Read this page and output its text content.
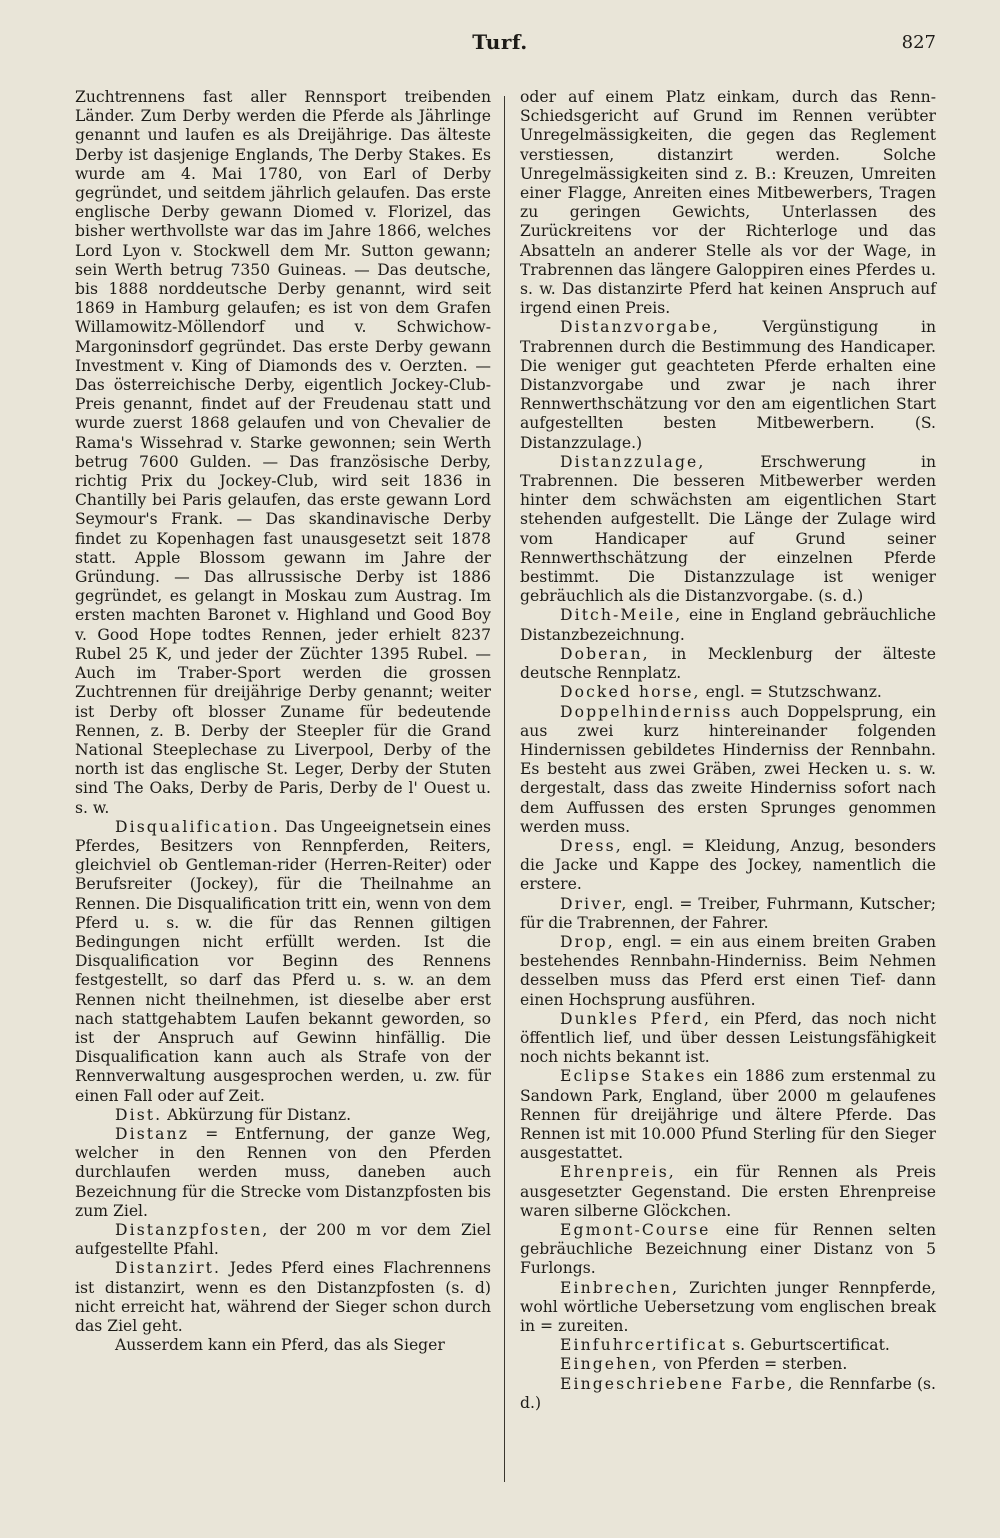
Turf.	827

Zuchtrennens fast aller Rennsport treibenden Länder. Zum Derby werden die Pferde als Jährlinge genannt und laufen es als Dreijährige. Das älteste Derby ist dasjenige Englands, The Derby Stakes. Es wurde am 4. Mai 1780, von Earl of Derby gegründet, und seitdem jährlich gelaufen. Das erste englische Derby gewann Diomed v. Florizel, das bisher werthvollste war das im Jahre 1866, welches Lord Lyon v. Stockwell dem Mr. Sutton gewann; sein Werth betrug 7350 Guineas. — Das deutsche, bis 1888 norddeutsche Derby genannt, wird seit 1869 in Hamburg gelaufen; es ist von dem Grafen Willamowitz-Möllendorf und v. Schwichow-Margoninsdorf gegründet. Das erste Derby gewann Investment v. King of Diamonds des v. Oerzten. — Das österreichische Derby, eigentlich Jockey-Club-Preis genannt, findet auf der Freudenau statt und wurde zuerst 1868 gelaufen und von Chevalier de Rama's Wissehrad v. Starke gewonnen; sein Werth betrug 7600 Gulden. — Das französische Derby, richtig Prix du Jockey-Club, wird seit 1836 in Chantilly bei Paris gelaufen, das erste gewann Lord Seymour's Frank. — Das skandinavische Derby findet zu Kopenhagen fast unausgesetzt seit 1878 statt. Apple Blossom gewann im Jahre der Gründung. — Das allrussische Derby ist 1886 gegründet, es gelangt in Moskau zum Austrag. Im ersten machten Baronet v. Highland und Good Boy v. Good Hope todtes Rennen, jeder erhielt 8237 Rubel 25 K, und jeder der Züchter 1395 Rubel. — Auch im Traber-Sport werden die grossen Zuchtrennen für dreijährige Derby genannt; weiter ist Derby oft blosser Zuname für bedeutende Rennen, z. B. Derby der Steepler für die Grand National Steeplechase zu Liverpool, Derby of the north ist das englische St. Leger, Derby der Stuten sind The Oaks, Derby de Paris, Derby de l' Ouest u. s. w.

Disqualification. Das Ungeeignetsein eines Pferdes, Besitzers von Rennpferden, Reiters, gleichviel ob Gentleman-rider (Herren-Reiter) oder Berufsreiter (Jockey), für die Theilnahme an Rennen. Die Disqualification tritt ein, wenn von dem Pferd u. s. w. die für das Rennen giltigen Bedingungen nicht erfüllt werden. Ist die Disqualification vor Beginn des Rennens festgestellt, so darf das Pferd u. s. w. an dem Rennen nicht theilnehmen, ist dieselbe aber erst nach stattgehabtem Laufen bekannt geworden, so ist der Anspruch auf Gewinn hinfällig. Die Disqualification kann auch als Strafe von der Rennverwaltung ausgesprochen werden, u. zw. für einen Fall oder auf Zeit.

Dist. Abkürzung für Distanz.

Distanz = Entfernung, der ganze Weg, welcher in den Rennen von den Pferden durchlaufen werden muss, daneben auch Bezeichnung für die Strecke vom Distanzpfosten bis zum Ziel.

Distanzpfosten, der 200 m vor dem Ziel aufgestellte Pfahl.

Distanzirt. Jedes Pferd eines Flachrennens ist distanzirt, wenn es den Distanzpfosten (s. d) nicht erreicht hat, während der Sieger schon durch das Ziel geht.

Ausserdem kann ein Pferd, das als Sieger

oder auf einem Platz einkam, durch das Renn-Schiedsgericht auf Grund im Rennen verübter Unregelmässigkeiten, die gegen das Reglement verstiessen, distanzirt werden. Solche Unregelmässigkeiten sind z. B.: Kreuzen, Umreiten einer Flagge, Anreiten eines Mitbewerbers, Tragen zu geringen Gewichts, Unterlassen des Zurückreitens vor der Richterloge und das Absatteln an anderer Stelle als vor der Wage, in Trabrennen das längere Galoppiren eines Pferdes u. s. w. Das distanzirte Pferd hat keinen Anspruch auf irgend einen Preis.

Distanzvorgabe, Vergünstigung in Trabrennen durch die Bestimmung des Handicaper. Die weniger gut geachteten Pferde erhalten eine Distanzvorgabe und zwar je nach ihrer Rennwerthschätzung vor den am eigentlichen Start aufgestellten besten Mitbewerbern. (S. Distanzzulage.)

Distanzzulage, Erschwerung in Trabrennen. Die besseren Mitbewerber werden hinter dem schwächsten am eigentlichen Start stehenden aufgestellt. Die Länge der Zulage wird vom Handicaper auf Grund seiner Rennwerthschätzung der einzelnen Pferde bestimmt. Die Distanzzulage ist weniger gebräuchlich als die Distanzvorgabe. (s. d.)

Ditch-Meile, eine in England gebräuchliche Distanzbezeichnung.

Doberan, in Mecklenburg der älteste deutsche Rennplatz.

Docked horse, engl. = Stutzschwanz.

Doppelhinderniss auch Doppelsprung, ein aus zwei kurz hintereinander folgenden Hindernissen gebildetes Hinderniss der Rennbahn. Es besteht aus zwei Gräben, zwei Hecken u. s. w. dergestalt, dass das zweite Hinderniss sofort nach dem Auffussen des ersten Sprunges genommen werden muss.

Dress, engl. = Kleidung, Anzug, besonders die Jacke und Kappe des Jockey, namentlich die erstere.

Driver, engl. = Treiber, Fuhrmann, Kutscher; für die Trabrennen, der Fahrer.

Drop, engl. = ein aus einem breiten Graben bestehendes Rennbahn-Hinderniss. Beim Nehmen desselben muss das Pferd erst einen Tief- dann einen Hochsprung ausführen.

Dunkles Pferd, ein Pferd, das noch nicht öffentlich lief, und über dessen Leistungsfähigkeit noch nichts bekannt ist.

Eclipse Stakes ein 1886 zum erstenmal zu Sandown Park, England, über 2000 m gelaufenes Rennen für dreijährige und ältere Pferde. Das Rennen ist mit 10.000 Pfund Sterling für den Sieger ausgestattet.

Ehrenpreis, ein für Rennen als Preis ausgesetzter Gegenstand. Die ersten Ehrenpreise waren silberne Glöckchen.

Egmont-Course eine für Rennen selten gebräuchliche Bezeichnung einer Distanz von 5 Furlongs.

Einbrechen, Zurichten junger Rennpferde, wohl wörtliche Uebersetzung vom englischen break in = zureiten.

Einfuhrcertificat s. Geburtscertificat.

Eingehen, von Pferden = sterben.

Eingeschriebene Farbe, die Rennfarbe (s. d.)
